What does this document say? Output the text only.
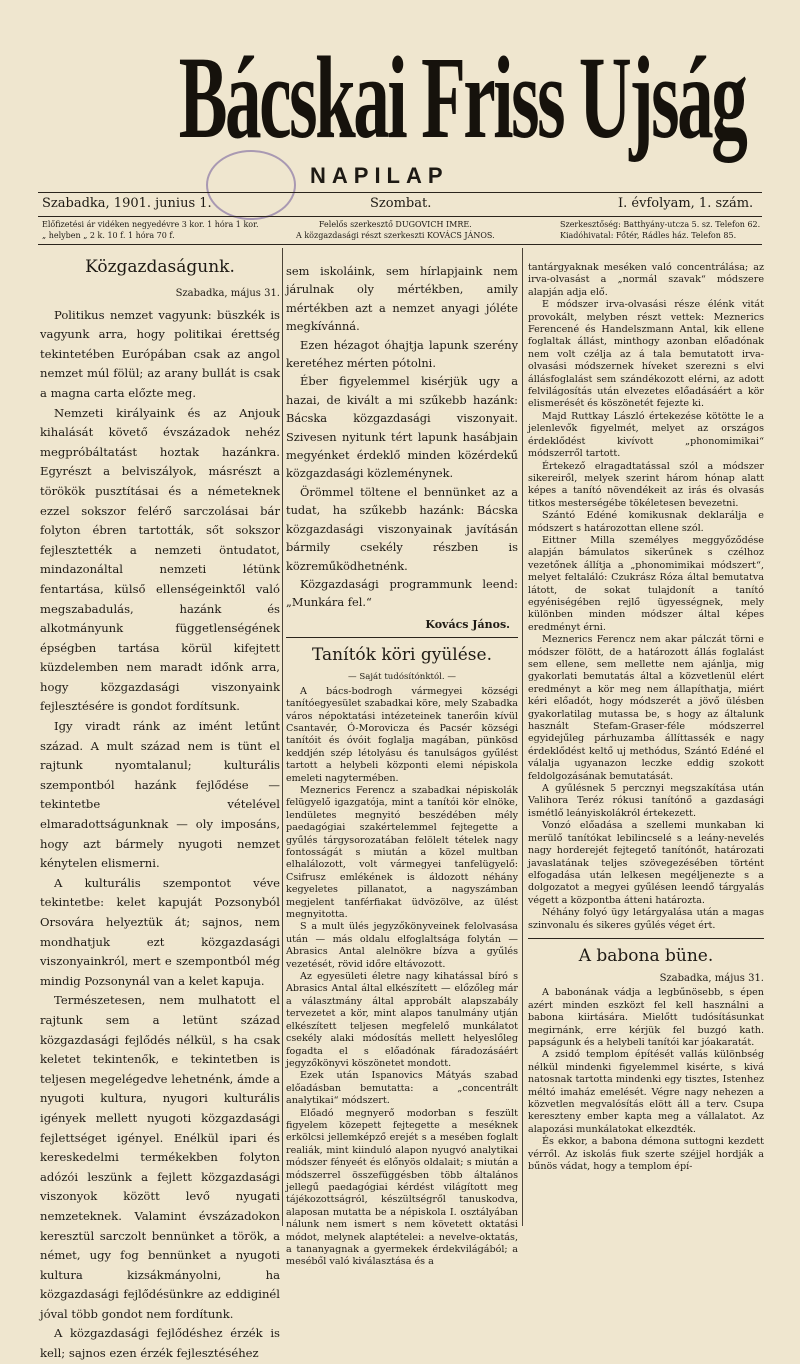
Bácskai Friss Ujság
NAPILAP
Szabadka, 1901. junius 1.	Szombat.	I. évfolyam, 1. szám.
Előfizetési ár vidéken negyedévre 3 kor. 1 hóra 1 kor.
„ helyben „ 2 k. 10 f. 1 hóra 70 f.
Felelős szerkesztő DUGOVICH IMRE.
A közgazdasági részt szerkeszti KOVÁCS JÁNOS.
Szerkesztőség: Batthyány-utcza 5. sz. Telefon 62.
Kiadóhivatal: Főtér, Rádles ház. Telefon 85.
Közgazdaságunk.
Szabadka, május 31.

Politikus nemzet vagyunk: büszkék is vagyunk arra, hogy politikai érettség tekintetében Európában csak az angol nemzet múl fölül; az arany bullát is csak a magna carta előzte meg.

Nemzeti királyaink és az Anjouk kihalását követő évszázadok nehéz megpróbáltatást hoztak hazánkra. Egyrészt a belviszályok, másrészt a törökök pusztításai és a németeknek ezzel sokszor felérő sarczolásai bár folyton ébren tartották, sőt sokszor fejlesztették a nemzeti öntudatot, mindazonáltal nemzeti létünk fentartása, külső ellenségeinktől való megszabadulás, hazánk és alkotmányunk függetlenségének épségben tartása körül kifejtett küzdelemben nem maradt időnk arra, hogy közgazdasági viszonyaink fejlesztésére is gondot fordítsunk.

Igy viradt ránk az imént letűnt század. A mult század nem is tünt el rajtunk nyomtalanul; kulturális szempontból hazánk fejlődése — tekintetbe vételével elmaradottságunknak — oly imposáns, hogy azt bármely nyugoti nemzet kénytelen elismerni.

A kulturális szempontot véve tekintetbe: kelet kapuját Pozsonyból Orsovára helyeztük át; sajnos, nem mondhatjuk ezt közgazdasági viszonyainkról, mert e szempontból még mindig Pozsonynál van a kelet kapuja.

Természetesen, nem mulhatott el rajtunk sem a letünt század közgazdasági fejlődés nélkül, s ha csak keletet tekintenők, e tekintetben is teljesen megelégedve lehetnénk, ámde a nyugoti kultura, nyugori kulturális igények mellett nyugoti közgazdasági fejlettséget igényel. Enélkül ipari és kereskedelmi termékekben folyton adózói leszünk a fejlett közgazdasági viszonyok között levő nyugati nemzeteknek. Valamint évszázadokon keresztül sarczolt bennünket a török, a német, ugy fog bennünket a nyugoti kultura kizsákmányolni, ha közgazdasági fejlődésünkre az eddiginél jóval több gondot nem fordítunk.

A közgazdasági fejlődéshez érzék is kell; sajnos ezen érzék fejlesztéséhez

sem iskoláink, sem hírlapjaink nem járulnak oly mértékben, amily mértékben azt a nemzet anyagi jóléte megkívánná.

Ezen hézagot óhajtja lapunk szerény keretéhez mérten pótolni.

Éber figyelemmel kisérjük ugy a hazai, de kivált a mi szűkebb hazánk: Bácska közgazdasági viszonyait. Szivesen nyitunk tért lapunk hasábjain megyénket érdeklő minden közérdekű közgazdasági közleménynek.

Örömmel töltene el bennünket az a tudat, ha szűkebb hazánk: Bácska közgazdasági viszonyainak javításán bármily csekély részben is közreműködhetnénk.

Közgazdasági programmunk leend: „Munkára fel.“

Kovács János.
Tanítók köri gyülése.
— Saját tudósítónktól. —

A bács-bodrogh vármegyei községi tanítóegyesület szabadkai köre, mely Szabadka város népoktatási intézeteinek tanerőin kívül Csantavér, Ó-Morovicza és Pacsér községi tanítóit és óvóit foglalja magában, pünkösd keddjén szép létolyásu és tanulságos gyűlést tartott a helybeli központi elemi népiskola emeleti nagytermében.

Meznerics Ferencz a szabadkai népiskolák felügyelő igazgatója, mint a tanítói kör elnöke, lendületes megnyitó beszédében mély paedagógiai szakértelemmel fejtegette a gyűlés tárgysorozatában felölelt tételek nagy fontosságát s miután a közel multban elhalálozott, volt vármegyei tanfelügyelő: Csifrusz emlékének is áldozott néhány kegyeletes pillanatot, a nagyszámban megjelent tanférfiakat üdvözölve, az ülést megnyitotta.

S a mult ülés jegyzőkönyveinek felolvasása után — más oldalu elfoglaltsága folytán — Abrasics Antal alelnökre bízva a gyűlés vezetését, rövid időre eltávozott.

Az egyesületi életre nagy kihatással bíró s Abrasics Antal által elkészített — előzőleg már a választmány által approbált alapszabály tervezetet a kör, mint alapos tanulmány utján elkészített teljesen megfelelő munkálatot csekély alaki módosítás mellett helyeslőleg fogadta el s előadónak fáradozásáért jegyzőkönyvi köszönetet mondott.

Ezek után Ispanovics Mátyás szabad előadásban bemutatta: a „concentrált analytikai“ módszert.

Előadó megnyerő modorban s feszült figyelem közepett fejtegette a meséknek erkölcsi jellemképző erejét s a mesében foglalt realiák, mint kiinduló alapon nyugvó analytikai módszer fényeét és előnyös oldalait; s miután a módszerrel összefüggésben több általános jellegű paedagógiai kérdést világított meg tájékozottságról, készültségről tanuskodva, alaposan mutatta be a népiskola I. osztályában nálunk nem ismert s nem követett oktatási módot, melynek alaptételei: a nevelve-oktatás, a tananyagnak a gyermekek érdekvilágából; a meséből való kiválasztása és a

tantárgyaknak meséken való concentrálása; az irva-olvasást a „normál szavak“ módszere alapján adja elő.

E módszer irva-olvasási része élénk vitát provokált, melyben részt vettek: Meznerics Ferencené és Handelszmann Antal, kik ellene foglaltak állást, minthogy azonban előadónak nem volt czélja az á tala bemutatott irva-olvasási módszernek híveket szerezni s elvi állásfoglalást sem szándékozott elérni, az adott felvilágosítás után elvezetes előadásáért a kör elismerését és köszönetét fejezte ki.

Majd Ruttkay László értekezése kötötte le a jelenlevők figyelmét, melyet az országos érdeklődést kivívott „phonomimikai“ módszerről tartott.

Értekező elragadtatással szól a módszer sikereiről, melyek szerint három hónap alatt képes a tanító növendékeit az irás és olvasás titkos mesterségébe tökéletesen bevezetni.

Szántó Edéné komikusnak deklarálja e módszert s határozottan ellene szól.

Eittner Milla személyes meggyőződése alapján bámulatos sikerűnek s czélhoz vezetőnek állítja a „phonomimikai módszert“, melyet feltaláló: Czukrász Róza által bemutatva látott, de sokat tulajdonít a tanító egyéniségében rejlő ügyességnek, mely különben minden módszer által képes eredményt érni.

Meznerics Ferencz nem akar pálczát törni e módszer fölött, de a határozott állás foglalást sem ellene, sem mellette nem ajánlja, mig gyakorlati bemutatás által a közvetlenül elért eredményt a kör meg nem állapíthatja, miért kéri előadót, hogy módszerét a jövő ülésben gyakorlatilag mutassa be, s hogy az általunk használt Stefam-Graser-féle módszerrel egyidejűleg párhuzamba állíttassék e nagy érdeklődést keltő uj methódus, Szántó Edéné el válalja ugyanazon leczke eddig szokott feldolgozásának bemutatását.

A gyűlésnek 5 percznyi megszakítása után Valihora Teréz rókusi tanítónő a gazdasági ismétlő leányiskolákról értekezett.

Vonzó előadása a szellemi munkaban ki merülő tanítókat lebilincselé s a leány-nevelés nagy horderejét fejtegető tanítónőt, határozati javaslatának teljes szövegezésében történt elfogadása után lelkesen megéljenezte s a dolgozatot a megyei gyűlésen leendő tárgyalás végett a központba átteni határozta.

Néhány folyó ügy letárgyalása után a magas szinvonalu és sikeres gyűlés véget ért.

A babona büne.
Szabadka, május 31.

A babonának vádja a legbűnösebb, s épen azért minden eszközt fel kell használni a babona kiirtására. Mielőtt tudósításunkat megirnánk, erre kérjük fel buzgó kath. papságunk és a helybeli tanítói kar jóakaratát.

A zsidó templom építését vallás különbség nélkül mindenki figyelemmel kisérte, s kivá natosnak tartotta mindenki egy tisztes, Istenhez méltó imaház emelését. Végre nagy nehezen a közvetlen megvalósítás elött áll a terv. Csupa kereszteny ember kapta meg a vállalatot. Az alapozási munkálatokat elkezdték.

És ekkor, a babona démona suttogni kezdett vérről. Az iskolás fiuk szerte széjjel hordják a bűnös vádat, hogy a templom épí-
